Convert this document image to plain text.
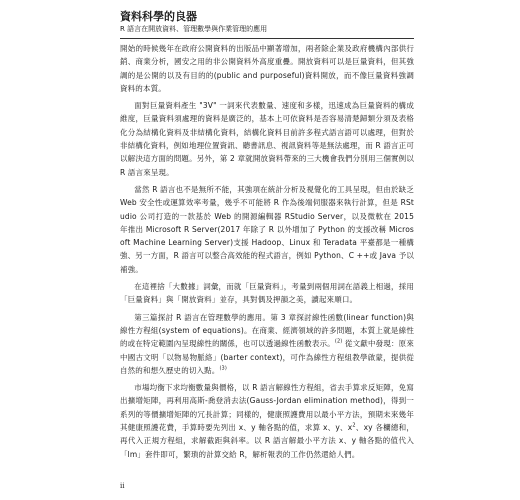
資料科學的良器
R 語言在開放資料、管理數學與作業管理的應用

開始的時候幾年在政府公開資料的出版品中顯著增加，兩者除企業及政府機構內部供行銷、商業分析，國安之用的非公開資料外高度重疊。開放資料可以是巨量資料，但其強調的是公開的以及有目的的(public and purposeful)資料開放，而不像巨量資料強調資料的本質。

面對巨量資料產生 "3V" 一詞來代表數量、速度和多樣，迅速成為巨量資料的構成維度，巨量資料須處理的資料是廣泛的，基本上可依資料是否容易清楚歸類分須及表格化分為結構化資料及非結構化資料，結構化資料目前許多程式語言語可以處理，但對於非結構化資料，例如地理位置資訊、聽書訊息、視訊資料等是無法處理，而 R 語言正可以解決這方面的問題。另外，第 2 章就開放資料帶來的三大機會我們分別用三個實例以 R 語言來呈現。

當然 R 語言也不是無所不能，其強項在統計分析及視覺化的工具呈現，但由於缺乏 Web 安全性或運算效率考量，幾乎不可能將 R 作為後端伺服器來執行計算，但是 RStudio 公司打造的一款基於 Web 的開源編輯器 RStudio Server，以及微軟在 2015 年推出 Microsoft R Server(2017 年除了 R 以外增加了 Python 的支援改稱 Microsoft Machine Learning Server)支援 Hadoop、Linux 和 Teradata 平臺都是一種構強、另一方面，R 語言可以整合高效能的程式語言，例如 Python、C ++或 Java 予以補強。

在這裡捨「大數據」詞彙，而就「巨量資料」，考量到兩個用詞在語義上相過，採用「巨量資料」與「開放資料」並存，具對偶及押韻之美，讀起來順口。

第三篇探討 R 語言在管理數學的應用。第 3 章探討線性函數(linear function)與線性方程組(system of equations)。在商業、經濟領域的許多問題，本質上就是線性的或在特定範圍內呈現線性的關係，也可以透過線性函數表示。$^{(2)}$ 從文獻中發現：原來中國古文明「以物易物脈絡」(barter context)，可作為線性方程組教學啟蒙，提供從自然的和想久歷史的切入點。$^{(3)}$

市場均衡下求均衡數量與價格，以 R 語言解線性方程組，省去手算求反矩陣，免寫出擴增矩陣，再利用高斯-喬登消去法(Gauss-Jordan elimination method)，得到一系列的等價擴增矩陣的冗長計算；同樣的，健康照護費用以最小平方法，預期未來幾年其健康照護花費，手算時要先列出 x、y 軸各點的值，求算 x、y、$x^2$、xy 各欄總和，再代入正規方程組，求解截距與斜率。以 R 語言解最小平方法 x、y 軸各點的值代入「lm」套件即可，繁瑣的計算交給 R，解析報表的工作仍然還給人們。

ii
